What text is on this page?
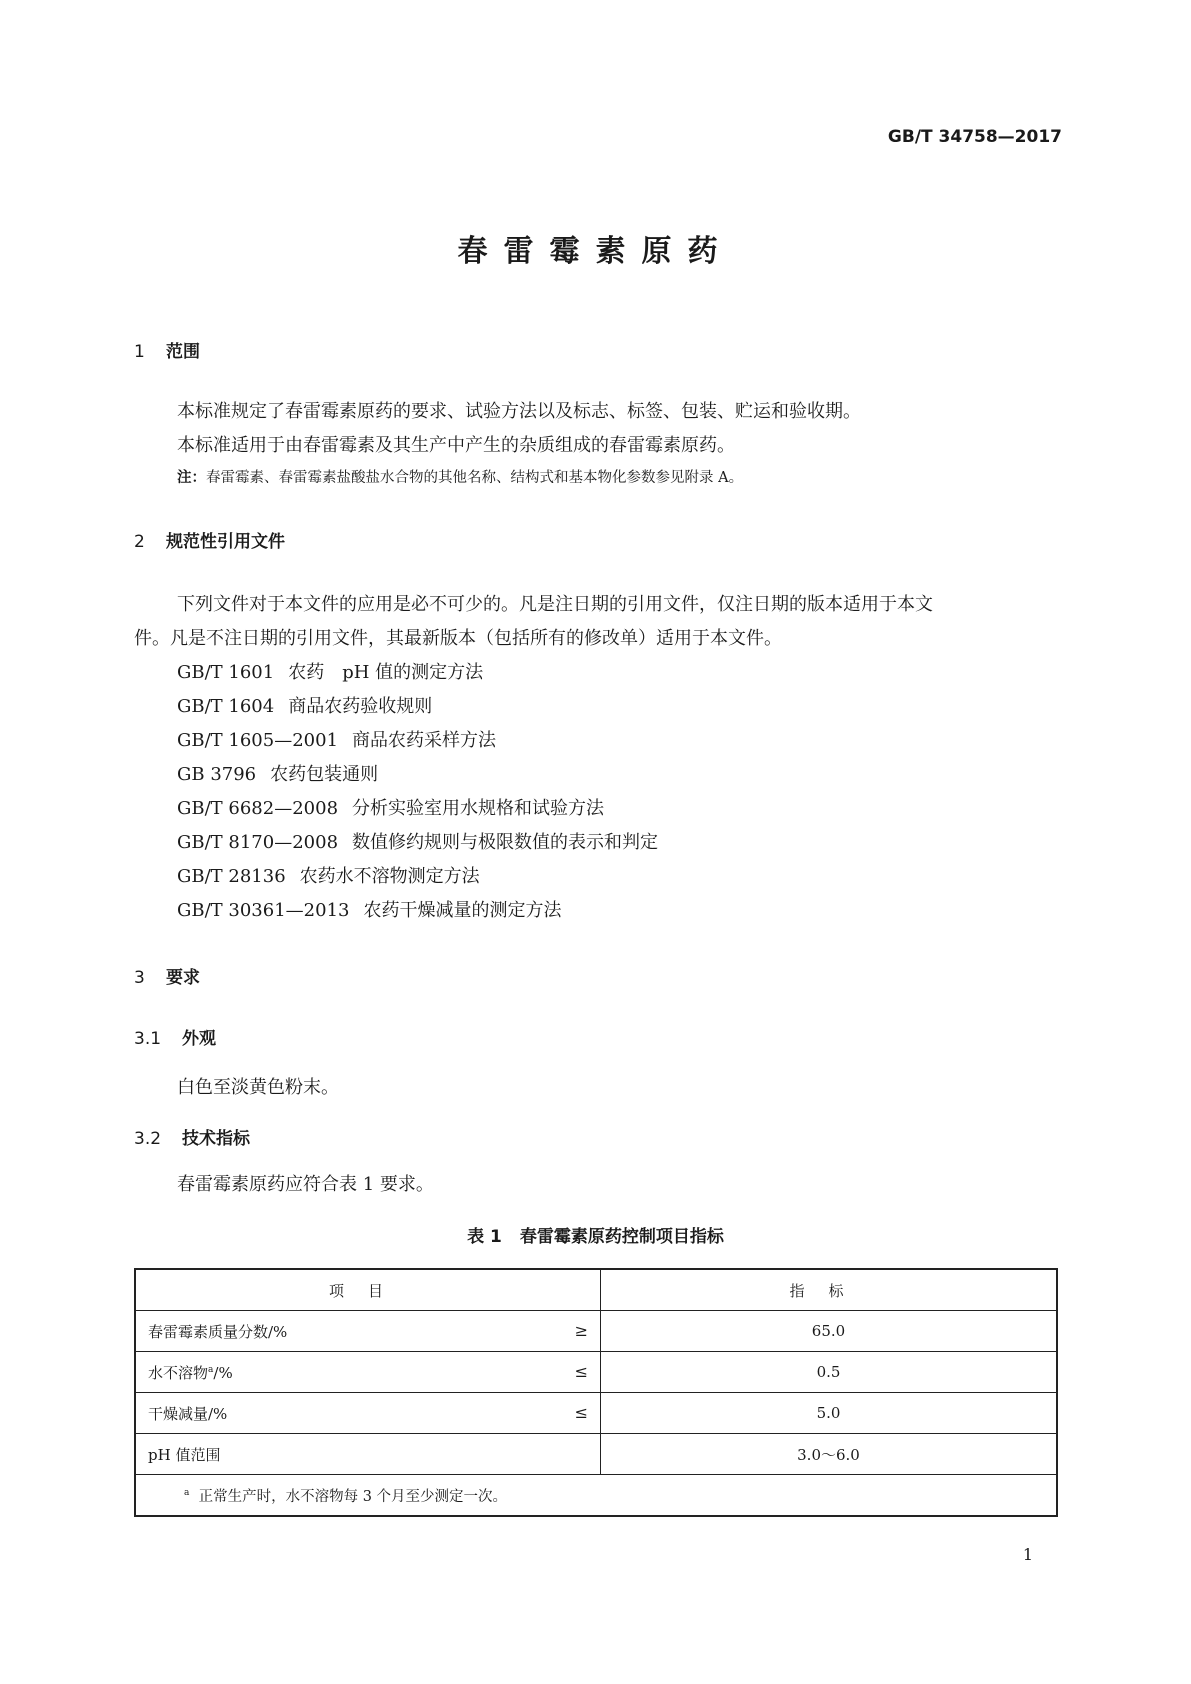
GB/T 34758—2017
春雷霉素原药
1 范围
本标准规定了春雷霉素原药的要求、试验方法以及标志、标签、包装、贮运和验收期。
本标准适用于由春雷霉素及其生产中产生的杂质组成的春雷霉素原药。
注：春雷霉素、春雷霉素盐酸盐水合物的其他名称、结构式和基本物化参数参见附录 A。
2 规范性引用文件
下列文件对于本文件的应用是必不可少的。凡是注日期的引用文件，仅注日期的版本适用于本文
件。凡是不注日期的引用文件，其最新版本（包括所有的修改单）适用于本文件。
GB/T 1601 农药　pH 值的测定方法
GB/T 1604 商品农药验收规则
GB/T 1605—2001 商品农药采样方法
GB 3796 农药包装通则
GB/T 6682—2008 分析实验室用水规格和试验方法
GB/T 8170—2008 数值修约规则与极限数值的表示和判定
GB/T 28136 农药水不溶物测定方法
GB/T 30361—2013 农药干燥减量的测定方法
3 要求
3.1 外观
白色至淡黄色粉末。
3.2 技术指标
春雷霉素原药应符合表 1 要求。
表 1 春雷霉素原药控制项目指标
项目	指标
春雷霉素质量分数/% ≥	65.0
水不溶物$^a$/% ≤	0.5
干燥减量/% ≤	5.0
pH 值范围	3.0～6.0
$^a$ 正常生产时，水不溶物每 3 个月至少测定一次。	
1
